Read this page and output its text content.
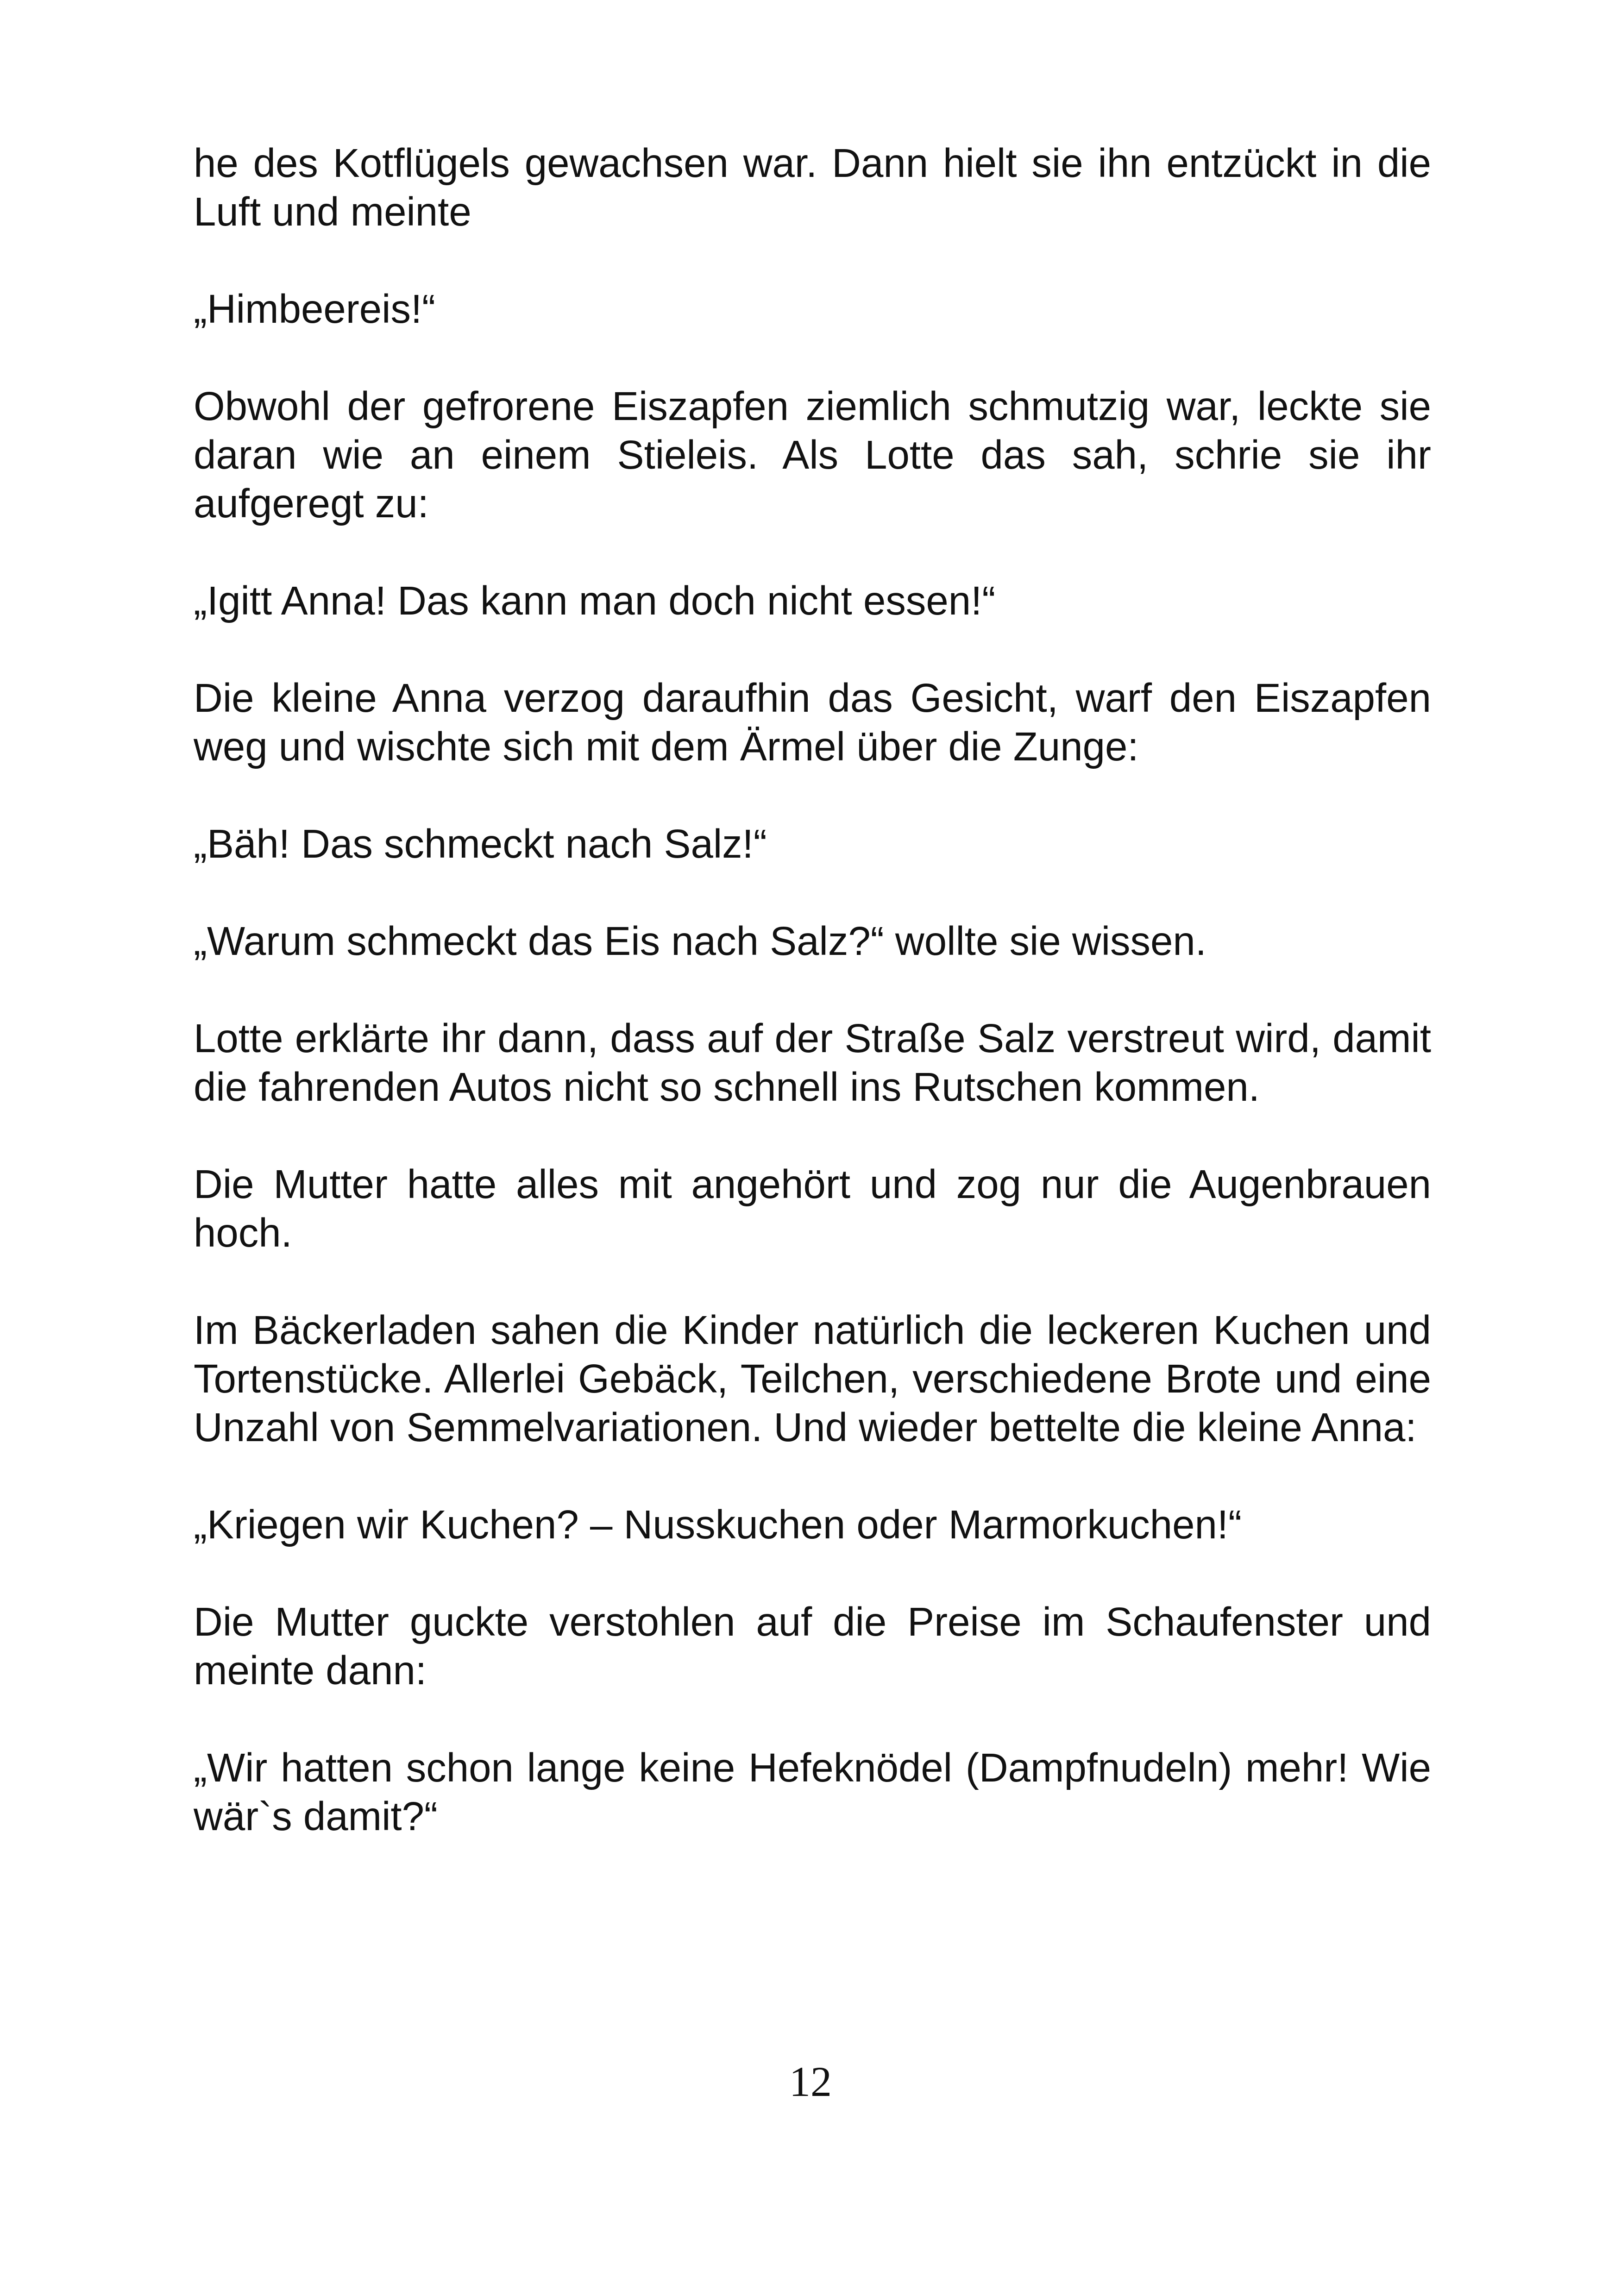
he des Kotflügels gewachsen war. Dann hielt sie ihn entzückt in die Luft und meinte

„Himbeereis!“

Obwohl der gefrorene Eiszapfen ziemlich schmutzig war, leckte sie daran wie an einem Stieleis. Als Lotte das sah, schrie sie ihr aufgeregt zu:

„Igitt Anna! Das kann man doch nicht essen!“

Die kleine Anna verzog daraufhin das Gesicht, warf den Eiszapfen weg und wischte sich mit dem Ärmel über die Zunge:

„Bäh! Das schmeckt nach Salz!“

„Warum schmeckt das Eis nach Salz?“ wollte sie wissen.

Lotte erklärte ihr dann, dass auf der Straße Salz verstreut wird, damit die fahrenden Autos nicht so schnell ins Rutschen kommen.

Die Mutter hatte alles mit angehört und zog nur die Augenbrauen hoch.

Im Bäckerladen sahen die Kinder natürlich die leckeren Kuchen und Tortenstücke. Allerlei Gebäck, Teilchen, verschiedene Brote und eine Unzahl von Semmelvariationen. Und wieder bettelte die kleine Anna:

„Kriegen wir Kuchen? – Nusskuchen oder Marmorkuchen!“

Die Mutter guckte verstohlen auf die Preise im Schaufenster und meinte dann:

„Wir hatten schon lange keine Hefeknödel (Dampfnudeln) mehr! Wie wär`s damit?“

12
